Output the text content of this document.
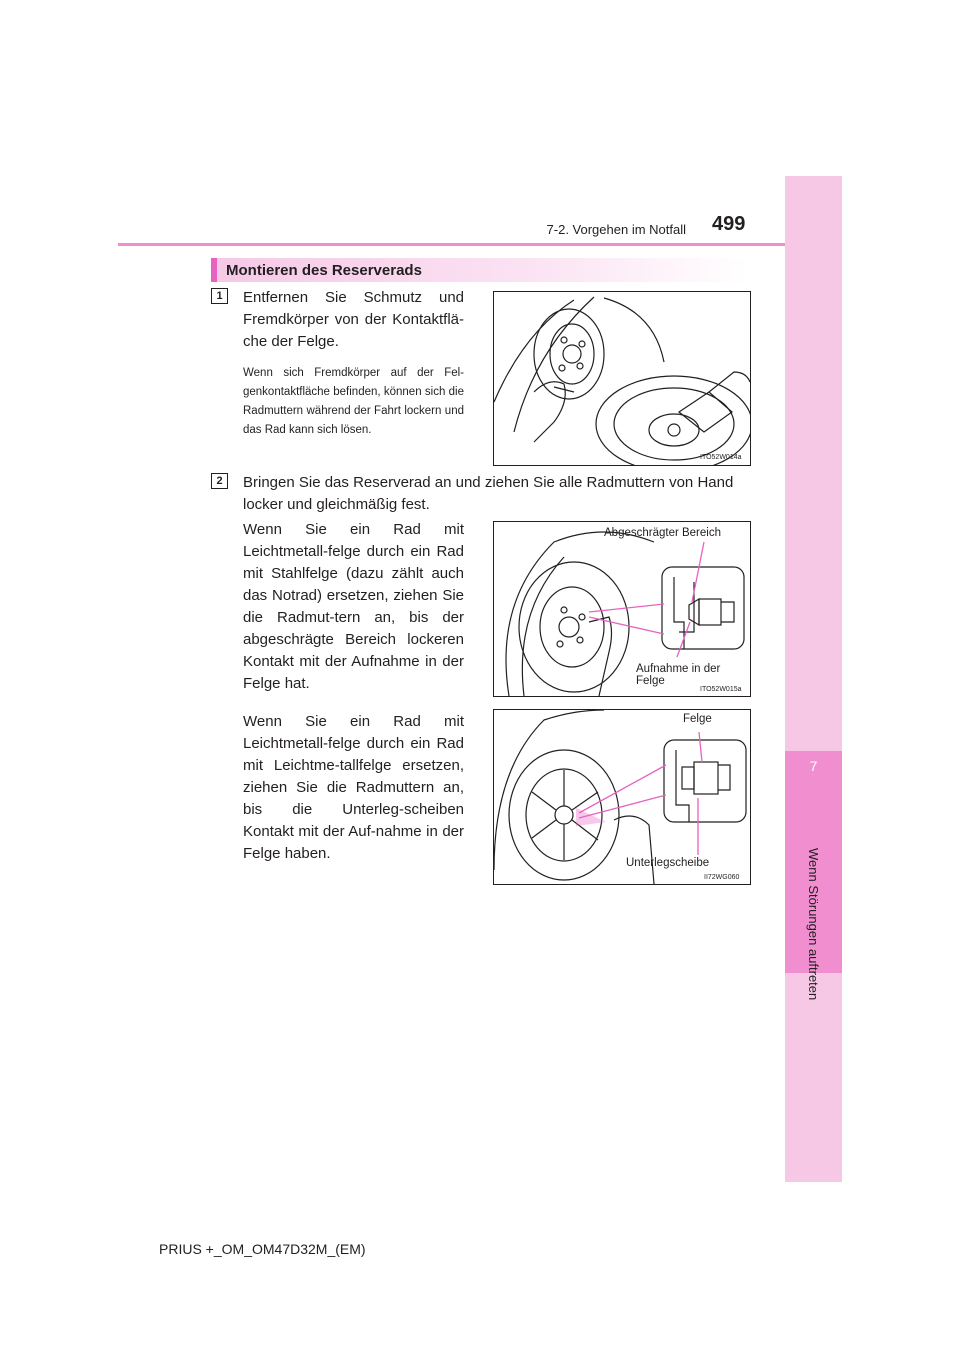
7
Wenn Störungen auftreten
7-2. Vorgehen im Notfall 499
Montieren des Reserverads
1	Entfernen Sie Schmutz und Fremdkörper von der Kontaktflä-che der Felge.
Wenn sich Fremdkörper auf der Fel-genkontaktfläche befinden, können sich die Radmuttern während der Fahrt lockern und das Rad kann sich lösen.
ITO52W014a
2	Bringen Sie das Reserverad an und ziehen Sie alle Radmuttern von Hand locker und gleichmäßig fest.
Wenn Sie ein Rad mit Leichtmetall-felge durch ein Rad mit Stahlfelge (dazu zählt auch das Notrad) ersetzen, ziehen Sie die Radmut-tern an, bis der abgeschrägte Bereich lockeren Kontakt mit der Aufnahme in der Felge hat.
Wenn Sie ein Rad mit Leichtmetall-felge durch ein Rad mit Leichtme-tallfelge ersetzen, ziehen Sie die Radmuttern an, bis die Unterleg-scheiben Kontakt mit der Auf-nahme in der Felge haben.
Abgeschrägter Bereich
Aufnahme in der
Felge
ITO52W015a
Felge
Unterlegscheibe
II72WG060
PRIUS +_OM_OM47D32M_(EM)
